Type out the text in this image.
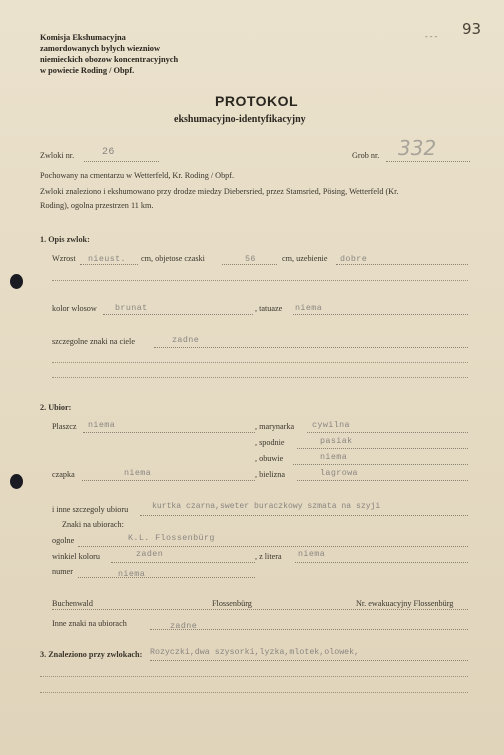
Komisja Ekshumacyjna
zamordowanych bylych wiezniow
niemieckich obozow koncentracyjnych
w powiecie Roding / Obpf.
- - - 93
PROTOKOL
ekshumacyjno-identyfikacyjny
Zwloki nr.	26	Grob nr. 332
Pochowany na cmentarzu w Wetterfeld, Kr. Roding / Obpf.
Zwloki znaleziono i ekshumowano przy drodze miedzy Diebersried, przez Stamsried, Pösing, Wetterfeld (Kr.
Roding), ogolna przestrzen 11 km.
1. Opis zwlok:
Wzrost nieust. cm, objetose czaski	56	cm, uzebienie dobre
kolor wlosow brunat	, tatuaze niema
szczegolne znaki na ciele	zadne
2. Ubior:
Plaszcz niema	, marynarka cywilna
, spodnie	pasiak
, obuwie	niema
czapka	niema	, bielizna	lagrowa
i inne szczegoly ubioru	kurtka czarna,sweter buraczkowy szmata na szyji
Znaki na ubiorach:
ogolne	K.L. Flossenbürg
winkiel koloru	zaden	, z litera niema
numer	niema
Buchenwald	Flossenbürg	Nr. ewakuacyjny Flossenbürg
Inne znaki na ubiorach	zadne
3. Znaleziono przy zwlokach: Rozyczki,dwa szysorki,lyzka,mlotek,olowek,
